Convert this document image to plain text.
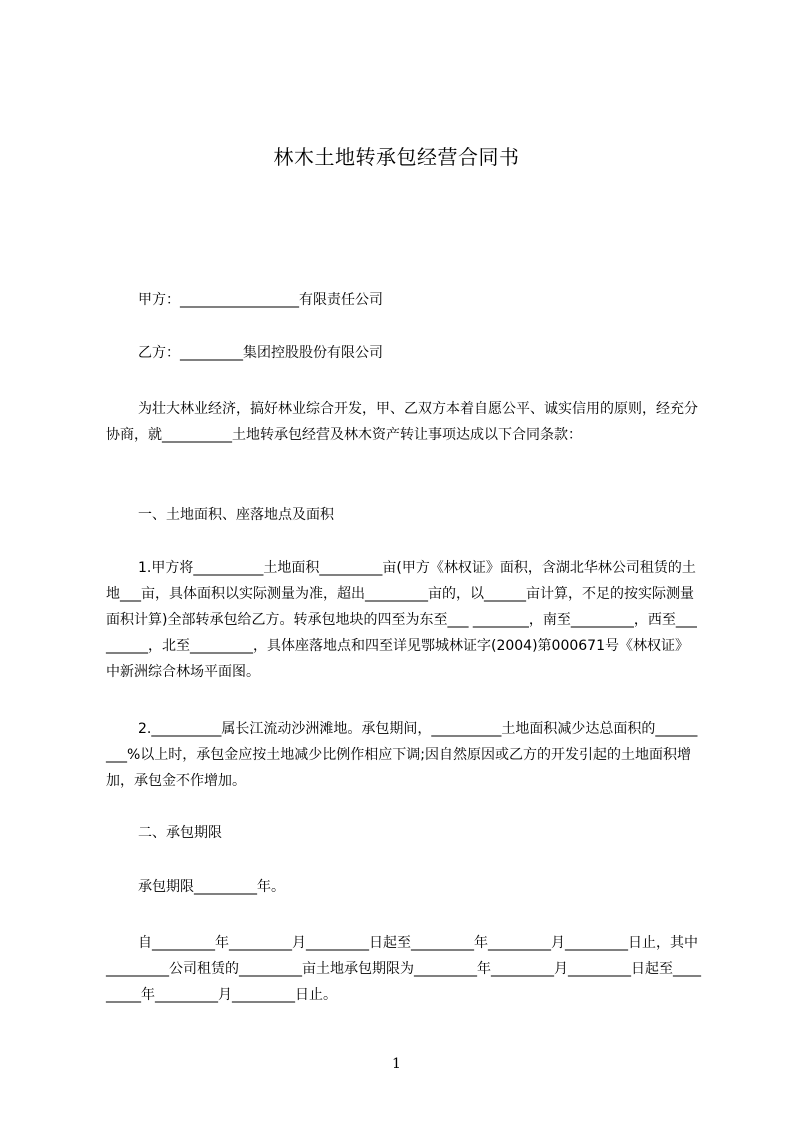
林木土地转承包经营合同书
甲方：_________________有限责任公司
乙方：_________集团控股股份有限公司
为壮大林业经济，搞好林业综合开发，甲、乙双方本着自愿公平、诚实信用的原则，经充分协商，就__________土地转承包经营及林木资产转让事项达成以下合同条款：
一、土地面积、座落地点及面积
1.甲方将__________土地面积_________亩(甲方《林权证》面积，含湖北华林公司租赁的土地___亩，具体面积以实际测量为准，超出_________亩的，以______亩计算，不足的按实际测量面积计算)全部转承包给乙方。转承包地块的四至为东至___ ________，南至_________，西至_________，北至_________，具体座落地点和四至详见鄂城林证字(2004)第000671号《林权证》中新洲综合林场平面图。
2.__________属长江流动沙洲滩地。承包期间，__________土地面积减少达总面积的_________%以上时，承包金应按土地减少比例作相应下调;因自然原因或乙方的开发引起的土地面积增加，承包金不作增加。
二、承包期限
承包期限_________年。
自_________年_________月_________日起至_________年_________月_________日止，其中_________公司租赁的_________亩土地承包期限为_________年_________月_________日起至_________年_________月_________日止。
1
